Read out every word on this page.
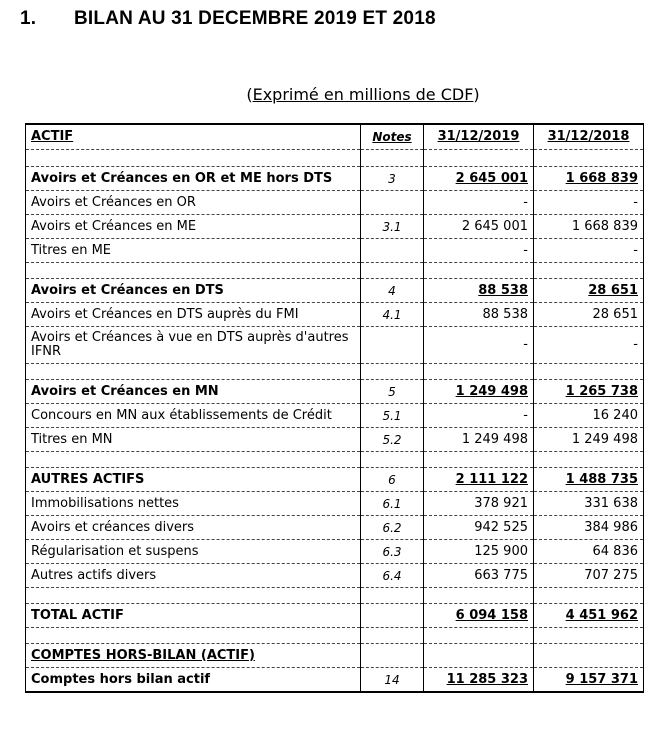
1. BILAN AU 31 DECEMBRE 2019 ET 2018
(Exprimé en millions de CDF)
ACTIF	Notes	31/12/2019	31/12/2018

Avoirs et Créances en OR et ME hors DTS	3	2 645 001	1 668 839
Avoirs et Créances en OR		-	-
Avoirs et Créances en ME	3.1	2 645 001	1 668 839
Titres en ME		-	-

Avoirs et Créances en DTS	4	88 538	28 651
Avoirs et Créances en DTS auprès du FMI	4.1	88 538	28 651
Avoirs et Créances à vue en DTS auprès d'autres IFNR		-	-

Avoirs et Créances en MN	5	1 249 498	1 265 738
Concours en MN aux établissements de Crédit	5.1	-	16 240
Titres en MN	5.2	1 249 498	1 249 498

AUTRES ACTIFS	6	2 111 122	1 488 735
Immobilisations nettes	6.1	378 921	331 638
Avoirs et créances divers	6.2	942 525	384 986
Régularisation et suspens	6.3	125 900	64 836
Autres actifs divers	6.4	663 775	707 275

TOTAL ACTIF		6 094 158	4 451 962

COMPTES HORS-BILAN (ACTIF)			
Comptes hors bilan actif	14	11 285 323	9 157 371
